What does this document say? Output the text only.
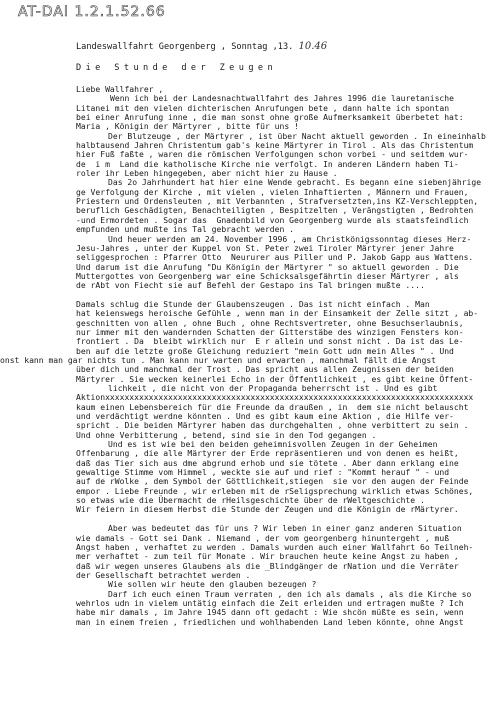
AT-DAI 1.2.1.52.66
Landeswallfahrt Georgenberg , Sonntag ,13. 10.46
Die Stunde der Zeugen
Liebe Wallfahrer ,
Wenn ich bei der Landesnachtwallfahrt des Jahres 1996 die lauretanische
Litanei mit den vielen dichterischen Anrufungen bete , dann halte ich spontan
bei einer Anrufung inne , die man sonst ohne große Aufmerksamkeit überbetet hat:
Maria , Königin der Märtyrer , bitte für uns !
Der Blutzeuge , der Märtyrer , ist über Nacht aktuell geworden . In eineinhalb
halbtausend Jahren Christentum gab's keine Märtyrer in Tirol . Als das Christentum
hier Fuß faßte , waren die römischen Verfolgungen schon vorbei - und seitdem wur-
de  i m  Land die katholische Kirche nie verfolgt. In anderen Ländern haben Ti-
roler ihr Leben hingegeben, aber nicht hier zu Hause .
Das 2o Jahrhundert hat hier eine Wende gebracht. Es begann eine siebenjährige
ge Verfolgung der Kirche , mit vielen , vielen Inhaftierten , Männern und Frauen,
Priestern und Ordensleuten , mit Verbannten , Strafversetzten,ins KZ-Verschleppten,
beruflich Geschädigten, Benachteiligten , Bespitzelten , Verängstigten , Bedrohten
-und Ermordeten . Sogar das  Gnadenbild von Georgenberg wurde als staatsfeindlich
empfunden und mußte ins Tal gebracht werden .
Und heuer werden am 24. November 1996 , am Christkönigssonntag dieses Herz-
Jesu-Jahres , unter der Kuppel von St. Peter zwei Tiroler Märtyrer jener Jahre
seliggesprochen : Pfarrer Otto  Neururer aus Piller und P. Jakob Gapp aus Wattens.
Und darum ist die Anrufung "Du Königin der Märtyrer " so aktuell geworden . Die
Muttergottes von Georgenberg war eine Schicksalsgefährtin dieser Märtyrer , als
de rAbt von Fiecht sie auf Befehl der Gestapo ins Tal bringen mußte ....
Damals schlug die Stunde der Glaubenszeugen . Das ist nicht einfach . Man
hat keienswegs heroische Gefühle , wenn man in der Einsamkeit der Zelle sitzt , ab-
geschnitten von allen , ohne Buch , ohne Rechtsvertreter, ohne Besuchserlaubnis,
nur immer mit den wandernden Schatten der Gitterstäbe des winzigen Fensters kon-
frontiert . Da  bleibt wirklich nur  E r allein und sonst nicht . Da ist das Le-
ben auf die letzte große Gleichung reduziert "mein Gott udn mein Alles " . Und
onst kann man gar nichts tun . Man kann nur warten und erwarten , manchmal fällt die Angst
über dich und manchmal der Trost . Das spricht aus allen Zeugnissen der beiden
Märtyrer . Sie wecken keinerlei Echo in der Öffentlichkeit , es gibt keine Öffent-
lichkeit , die nicht von der Propaganda beherrscht ist . Und es gibt
Aktionxxxxxxxxxxxxxxxxxxxxxxxxxxxxxxxxxxxxxxxxxxxxxxxxxxxxxxxxxxxxxxxxxxxxxxxxxxxx
kaum einen Lebensbereich für die Freunde da draußen , in  dem sie nicht belauscht
und verdächtigt werdne könnten . Und es gibt kaum eine Aktion , die Hilfe ver-
spricht . Die beiden Märtyrer haben das durchgehalten , ohne verbittert zu sein .
Und ohne Verbitterung , betend, sind sie in den Tod gegangen .
Und es ist wie bei den beiden geheimnisvollen Zeugen in der Geheimen
Offenbarung , die alle Märtyrer der Erde repräsentieren und von denen es heißt,
daß das Tier sich aus dme abgrund erhob und sie tötete . Aber dann erklang eine
gewaltige Stimme vom Himmel , weckte sie auf und rief : "Kommt herauf " - und
auf de rWolke , dem Symbol der Göttlichkeit,stiegen  sie vor den augen der Feinde
empor . Liebe Freunde , wir erleben mit de rSeligsprechung wirklich etwas Schönes,
so etwas wie die Übermacht de rHeilsgeschichte über de rWeltgeschichte .
Wir feiern in diesem Herbst die Stunde der Zeugen und die Königin de rMärtyrer.
Aber was bedeutet das für uns ? Wir leben in einer ganz anderen Situation
wie damals - Gott sei Dank . Niemand , der vom georgenberg hinuntergeht , muß
Angst haben , verhaftet zu werden . Damals wurden auch einer Wallfahrt 6o Teilneh-
mer verhaftet - zum teil für Monate . Wir brauchen heute keine Angst zu haben ,
daß wir wegen unseres Glaubens als die _Blindgänger de rNation und die Verräter
der Gesellschaft betrachtet werden .
Wie sollen wir heute den glauben bezeugen ?
Darf ich euch einen Traum verraten , den ich als damals , als die Kirche so
wehrlos udn in vielem untätig einfach die Zeit erleiden und ertragen mußte ? Ich
habe mir damals , im Jahre 1945 dann oft gedacht : Wie shcön müßte es sein, wenn
man in einem freien , friedlichen und wohlhabenden Land leben könnte, ohne Angst
